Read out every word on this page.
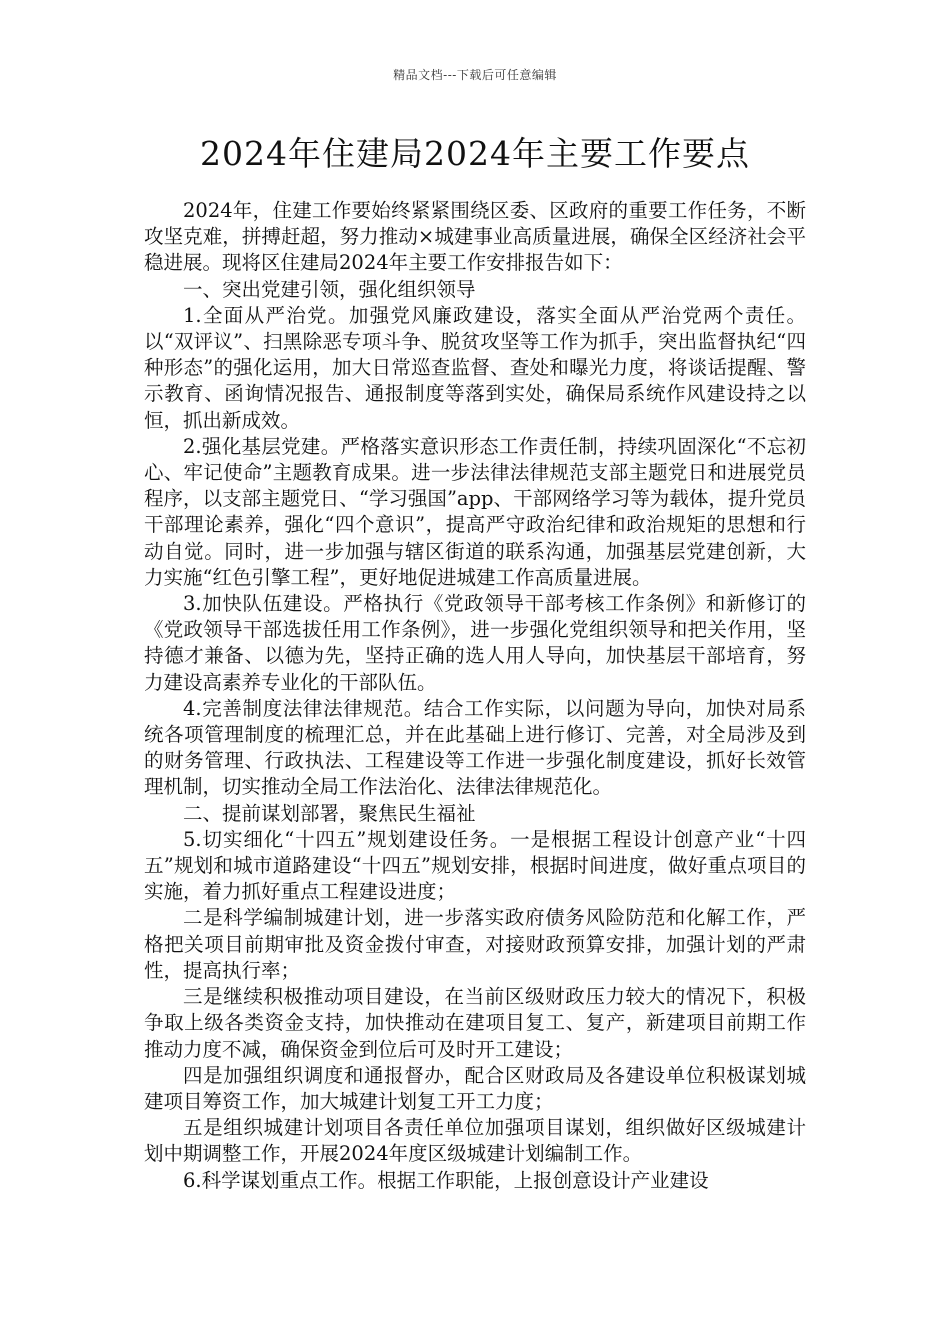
精品文档---下载后可任意编辑
2024年住建局2024年主要工作要点

2024年，住建工作要始终紧紧围绕区委、区政府的重要工作任务，不断攻坚克难，拼搏赶超，努力推动×城建事业高质量进展，确保全区经济社会平稳进展。现将区住建局2024年主要工作安排报告如下：

一、突出党建引领，强化组织领导

1.全面从严治党。加强党风廉政建设，落实全面从严治党两个责任。以“双评议”、扫黑除恶专项斗争、脱贫攻坚等工作为抓手，突出监督执纪“四种形态”的强化运用，加大日常巡查监督、查处和曝光力度，将谈话提醒、警示教育、函询情况报告、通报制度等落到实处，确保局系统作风建设持之以恒，抓出新成效。

2.强化基层党建。严格落实意识形态工作责任制，持续巩固深化“不忘初心、牢记使命”主题教育成果。进一步法律法律规范支部主题党日和进展党员程序，以支部主题党日、“学习强国”app、干部网络学习等为载体，提升党员干部理论素养，强化“四个意识”，提高严守政治纪律和政治规矩的思想和行动自觉。同时，进一步加强与辖区街道的联系沟通，加强基层党建创新，大力实施“红色引擎工程”，更好地促进城建工作高质量进展。

3.加快队伍建设。严格执行《党政领导干部考核工作条例》和新修订的《党政领导干部选拔任用工作条例》，进一步强化党组织领导和把关作用，坚持德才兼备、以德为先，坚持正确的选人用人导向，加快基层干部培育，努力建设高素养专业化的干部队伍。

4.完善制度法律法律规范。结合工作实际，以问题为导向，加快对局系统各项管理制度的梳理汇总，并在此基础上进行修订、完善，对全局涉及到的财务管理、行政执法、工程建设等工作进一步强化制度建设，抓好长效管理机制，切实推动全局工作法治化、法律法律规范化。

二、提前谋划部署，聚焦民生福祉

5.切实细化“十四五”规划建设任务。一是根据工程设计创意产业“十四五”规划和城市道路建设“十四五”规划安排，根据时间进度，做好重点项目的实施，着力抓好重点工程建设进度；

二是科学编制城建计划，进一步落实政府债务风险防范和化解工作，严格把关项目前期审批及资金拨付审查，对接财政预算安排，加强计划的严肃性，提高执行率；

三是继续积极推动项目建设，在当前区级财政压力较大的情况下，积极争取上级各类资金支持，加快推动在建项目复工、复产，新建项目前期工作推动力度不减，确保资金到位后可及时开工建设；

四是加强组织调度和通报督办，配合区财政局及各建设单位积极谋划城建项目筹资工作，加大城建计划复工开工力度；

五是组织城建计划项目各责任单位加强项目谋划，组织做好区级城建计划中期调整工作，开展2024年度区级城建计划编制工作。

6.科学谋划重点工作。根据工作职能，上报创意设计产业建设
